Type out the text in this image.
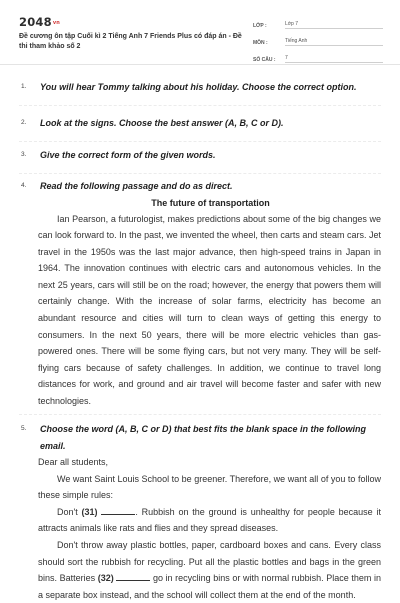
2048vn
Đề cương ôn tập Cuối kì 2 Tiếng Anh 7 Friends Plus có đáp án - Đề thi tham khảo số 2
LỚP :	Lớp 7
MÔN :	Tiếng Anh
SỐ CÂU :	7
1. You will hear Tommy talking about his holiday. Choose the correct option.
2. Look at the signs. Choose the best answer (A, B, C or D).
3. Give the correct form of the given words.
4. Read the following passage and do as direct.
The future of transportation
Ian Pearson, a futurologist, makes predictions about some of the big changes we can look forward to. In the past, we invented the wheel, then carts and steam cars. Jet travel in the 1950s was the last major advance, then high-speed trains in Japan in 1964. The innovation continues with electric cars and autonomous vehicles. In the next 25 years, cars will still be on the road; however, the energy that powers them will certainly change. With the increase of solar farms, electricity has become an abundant resource and cities will turn to clean ways of getting this energy to consumers. In the next 50 years, there will be more electric vehicles than gas-powered ones. There will be some flying cars, but not very many. They will be self-flying cars because of safety challenges. In addition, we continue to travel long distances for work, and ground and air travel will become faster and safer with new technologies.
5. Choose the word (A, B, C or D) that best fits the blank space in the following email.
Dear all students,
We want Saint Louis School to be greener. Therefore, we want all of you to follow these simple rules:
Don't (31)	. Rubbish on the ground is unhealthy for people because it attracts animals like rats and flies and they spread diseases.
Don't throw away plastic bottles, paper, cardboard boxes and cans. Every class should sort the rubbish for recycling. Put all the plastic bottles and bags in the green bins. Batteries (32)	go in recycling bins or with normal rubbish. Place them in a separate box instead, and the school will collect them at the end of the month.
